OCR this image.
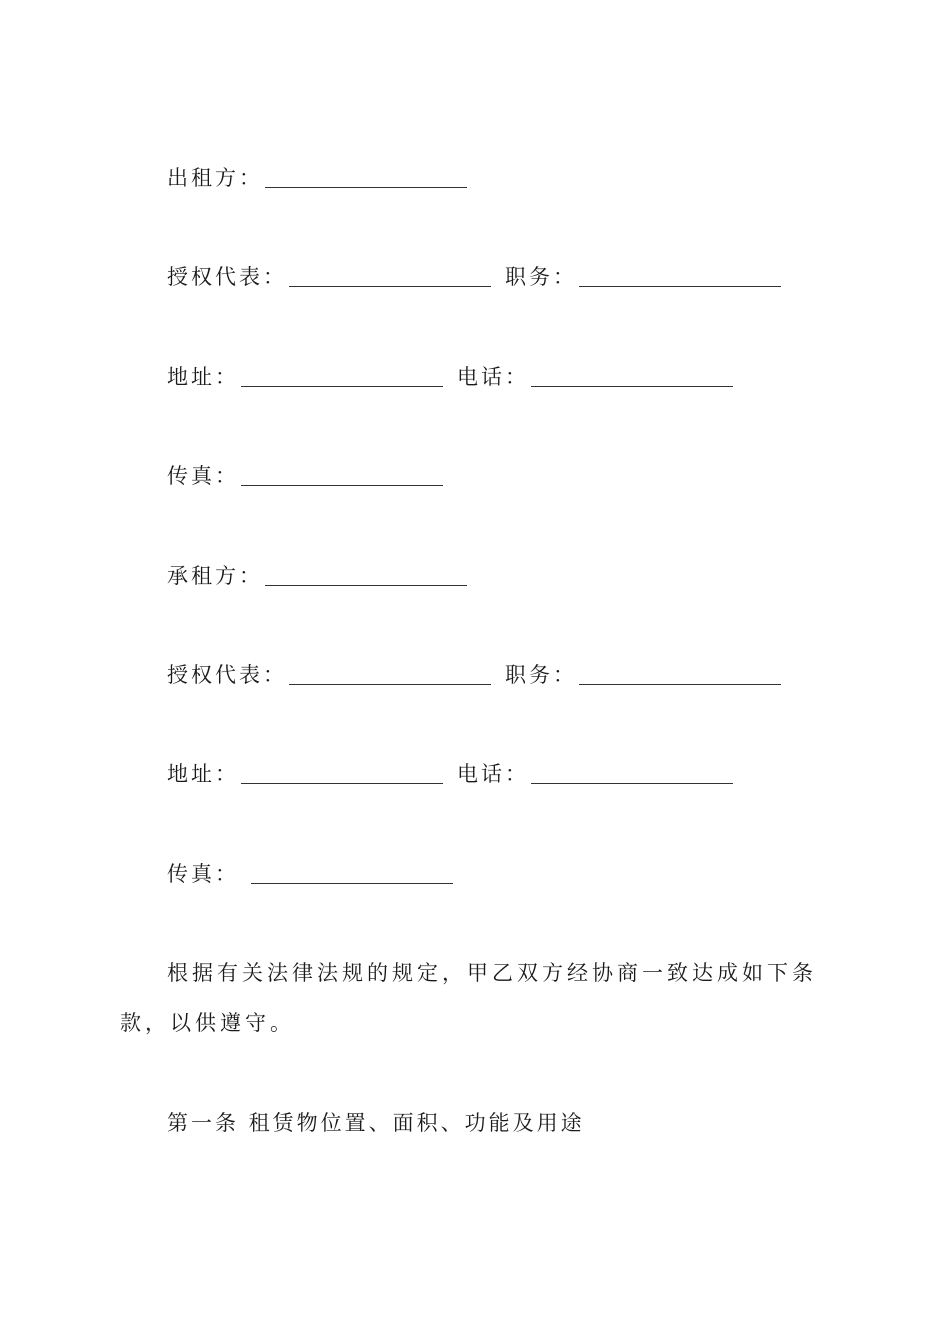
出租方：
授权代表：	职务：
地址：	电话：
传真：
承租方：
授权代表：	职务：
地址：	电话：
传真：
根据有关法律法规的规定，甲乙双方经协商一致达成如下条款，以供遵守。
第一条 租赁物位置、面积、功能及用途
